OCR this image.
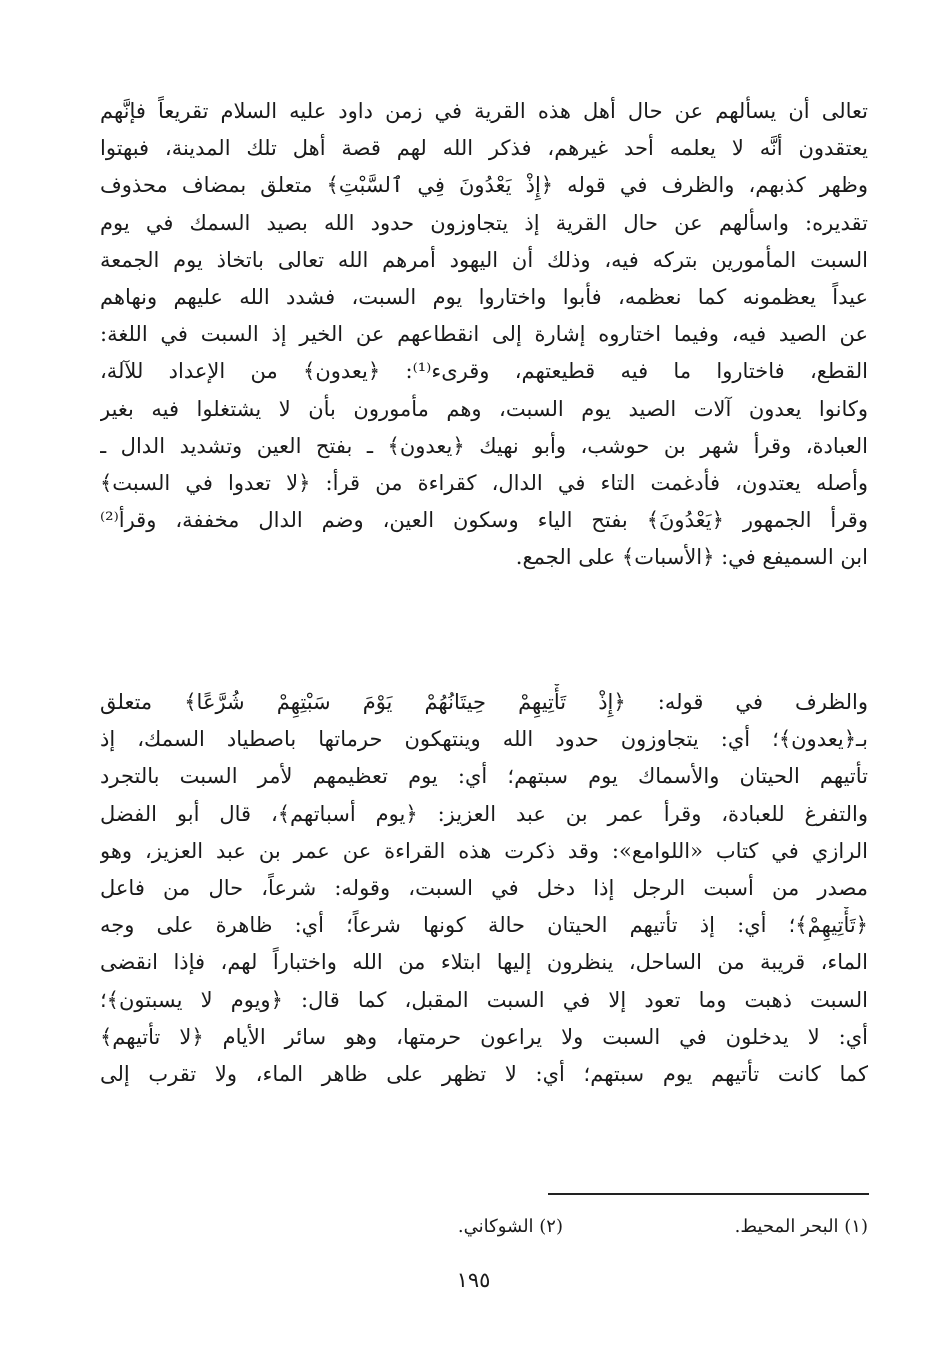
تعالى أن يسألهم عن حال أهل هذه القرية في زمن داود عليه السلام تقريعاً فإنَّهم
يعتقدون أنَّه لا يعلمه أحد غيرهم، فذكر الله لهم قصة أهل تلك المدينة، فبهتوا
وظهر كذبهم، والظرف في قوله ﴿إِذْ يَعْدُونَ فِي ٱلسَّبْتِ﴾ متعلق بمضاف محذوف
تقديره: واسألهم عن حال القرية إذ يتجاوزون حدود الله بصيد السمك في يوم
السبت المأمورين بتركه فيه، وذلك أن اليهود أمرهم الله تعالى باتخاذ يوم الجمعة
عيداً يعظمونه كما نعظمه، فأبوا واختاروا يوم السبت، فشدد الله عليهم ونهاهم
عن الصيد فيه، وفيما اختاروه إشارة إلى انقطاعهم عن الخير إذ السبت في اللغة:
القطع، فاختاروا ما فيه قطيعتهم، وقرىء⁽¹⁾: ﴿يعدون﴾ من الإعداد للآلة،
وكانوا يعدون آلات الصيد يوم السبت، وهم مأمورون بأن لا يشتغلوا فيه بغير
العبادة، وقرأ شهر بن حوشب، وأبو نهيك ﴿يعدون﴾ ـ بفتح العين وتشديد الدال ـ
وأصله يعتدون، فأدغمت التاء في الدال، كقراءة من قرأ: ﴿لا تعدوا في السبت﴾
وقرأ الجمهور ﴿يَعْدُونَ﴾ بفتح الياء وسكون العين، وضم الدال مخففة، وقرأ⁽²⁾
ابن السميفع في: ﴿الأسبات﴾ على الجمع.
والظرف في قوله: ﴿إِذْ تَأْتِيهِمْ حِيتَانُهُمْ يَوْمَ سَبْتِهِمْ شُرَّعًا﴾ متعلق
بـ﴿يعدون﴾؛ أي: يتجاوزون حدود الله وينتهكون حرماتها باصطياد السمك، إذ
تأتيهم الحيتان والأسماك يوم سبتهم؛ أي: يوم تعظيمهم لأمر السبت بالتجرد
والتفرغ للعبادة، وقرأ عمر بن عبد العزيز: ﴿يوم أسباتهم﴾، قال أبو الفضل
الرازي في كتاب «اللوامع»: وقد ذكرت هذه القراءة عن عمر بن عبد العزيز، وهو
مصدر من أسبت الرجل إذا دخل في السبت، وقوله: شرعاً، حال من فاعل
﴿تَأْتِيهِمْ﴾؛ أي: إذ تأتيهم الحيتان حالة كونها شرعاً؛ أي: ظاهرة على وجه
الماء، قريبة من الساحل، ينظرون إليها ابتلاء من الله واختباراً لهم، فإذا انقضى
السبت ذهبت وما تعود إلا في السبت المقبل، كما قال: ﴿ويوم لا يسبتون﴾؛
أي: لا يدخلون في السبت ولا يراعون حرمتها، وهو سائر الأيام ﴿لا تأتيهم﴾
كما كانت تأتيهم يوم سبتهم؛ أي: لا تظهر على ظاهر الماء، ولا تقرب إلى
(١) البحر المحيط.
(٢) الشوكاني.
١٩٥
